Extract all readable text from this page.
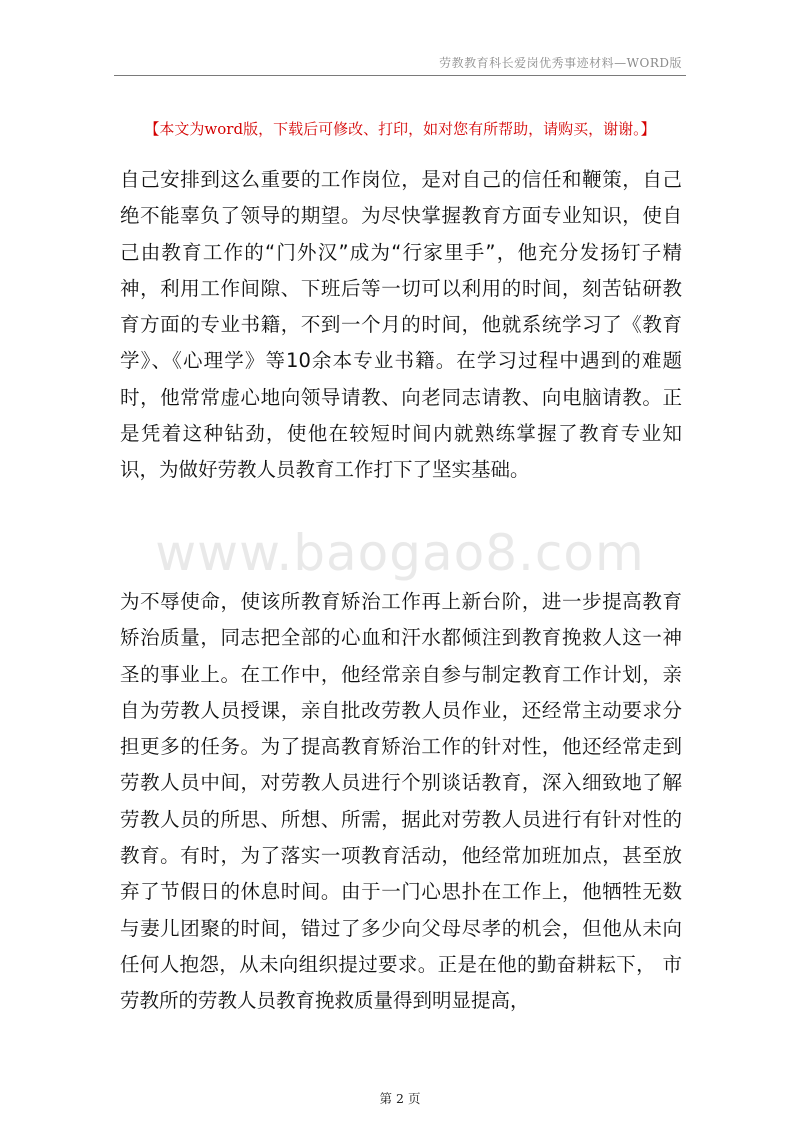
劳教教育科长爱岗优秀事迹材料—WORD版
【本文为word版，下载后可修改、打印，如对您有所帮助，请购买，谢谢。】

自己安排到这么重要的工作岗位，是对自己的信任和鞭策，自己绝不能辜负了领导的期望。为尽快掌握教育方面专业知识，使自己由教育工作的“门外汉”成为“行家里手”，他充分发扬钉子精神，利用工作间隙、下班后等一切可以利用的时间，刻苦钻研教育方面的专业书籍，不到一个月的时间，他就系统学习了《教育学》、《心理学》等10余本专业书籍。在学习过程中遇到的难题时，他常常虚心地向领导请教、向老同志请教、向电脑请教。正是凭着这种钻劲，使他在较短时间内就熟练掌握了教育专业知识，为做好劳教人员教育工作打下了坚实基础。

www.baogao8.com

为不辱使命，使该所教育矫治工作再上新台阶，进一步提高教育矫治质量，同志把全部的心血和汗水都倾注到教育挽救人这一神圣的事业上。在工作中，他经常亲自参与制定教育工作计划，亲自为劳教人员授课，亲自批改劳教人员作业，还经常主动要求分担更多的任务。为了提高教育矫治工作的针对性，他还经常走到劳教人员中间，对劳教人员进行个别谈话教育，深入细致地了解劳教人员的所思、所想、所需，据此对劳教人员进行有针对性的教育。有时，为了落实一项教育活动，他经常加班加点，甚至放弃了节假日的休息时间。由于一门心思扑在工作上，他牺牲无数与妻儿团聚的时间，错过了多少向父母尽孝的机会，但他从未向任何人抱怨，从未向组织提过要求。正是在他的勤奋耕耘下， 市劳教所的劳教人员教育挽救质量得到明显提高，

第 2 页
